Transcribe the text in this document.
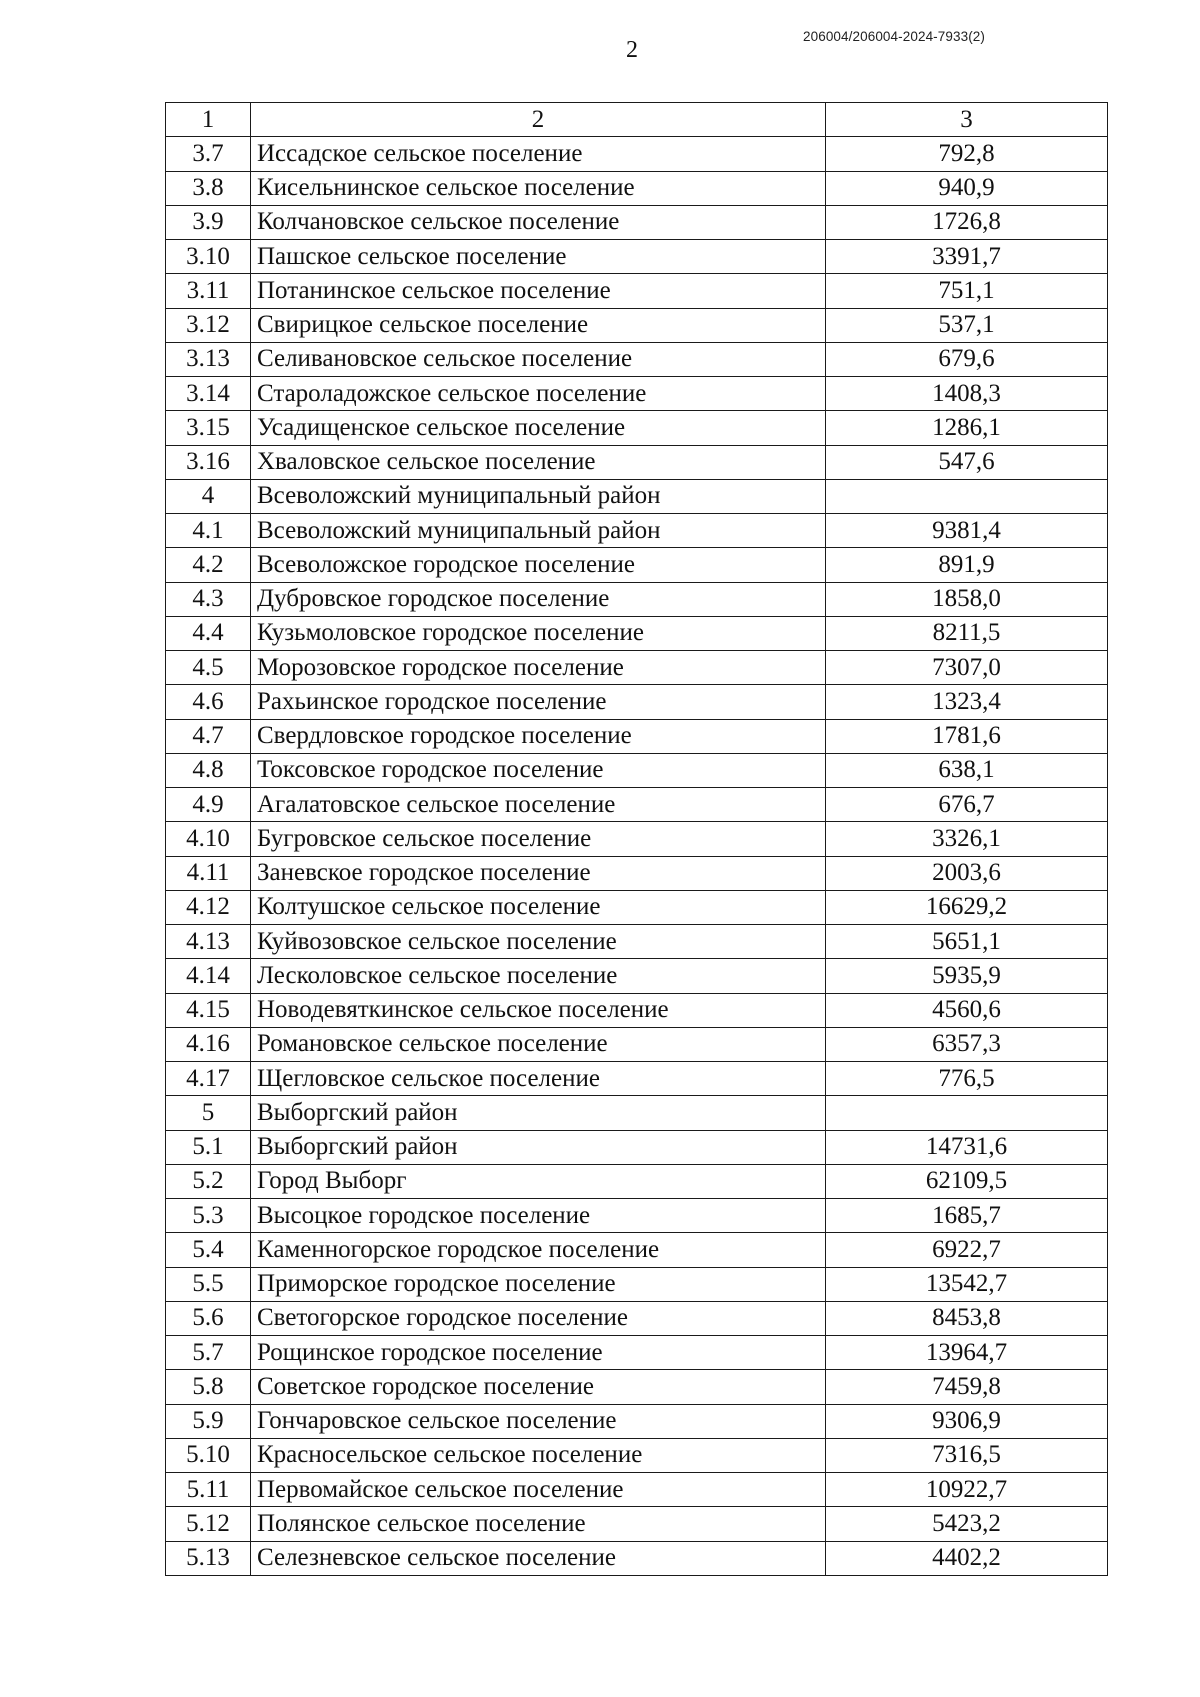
2
206004/206004-2024-7933(2)
1	2	3
3.7	Иссадское сельское поселение	792,8
3.8	Кисельнинское сельское поселение	940,9
3.9	Колчановское сельское поселение	1726,8
3.10	Пашское сельское поселение	3391,7
3.11	Потанинское сельское поселение	751,1
3.12	Свирицкое сельское поселение	537,1
3.13	Селивановское сельское поселение	679,6
3.14	Староладожское сельское поселение	1408,3
3.15	Усадищенское сельское поселение	1286,1
3.16	Хваловское сельское поселение	547,6
4	Всеволожский муниципальный район	
4.1	Всеволожский муниципальный район	9381,4
4.2	Всеволожское городское поселение	891,9
4.3	Дубровское городское поселение	1858,0
4.4	Кузьмоловское городское поселение	8211,5
4.5	Морозовское городское поселение	7307,0
4.6	Рахьинское городское поселение	1323,4
4.7	Свердловское городское поселение	1781,6
4.8	Токсовское городское поселение	638,1
4.9	Агалатовское сельское поселение	676,7
4.10	Бугровское сельское поселение	3326,1
4.11	Заневское городское поселение	2003,6
4.12	Колтушское сельское поселение	16629,2
4.13	Куйвозовское сельское поселение	5651,1
4.14	Лесколовское сельское поселение	5935,9
4.15	Новодевяткинское сельское поселение	4560,6
4.16	Романовское сельское поселение	6357,3
4.17	Щегловское сельское поселение	776,5
5	Выборгский район	
5.1	Выборгский район	14731,6
5.2	Город Выборг	62109,5
5.3	Высоцкое городское поселение	1685,7
5.4	Каменногорское городское поселение	6922,7
5.5	Приморское городское поселение	13542,7
5.6	Светогорское городское поселение	8453,8
5.7	Рощинское городское поселение	13964,7
5.8	Советское городское поселение	7459,8
5.9	Гончаровское сельское поселение	9306,9
5.10	Красносельское сельское поселение	7316,5
5.11	Первомайское сельское поселение	10922,7
5.12	Полянское сельское поселение	5423,2
5.13	Селезневское сельское поселение	4402,2
